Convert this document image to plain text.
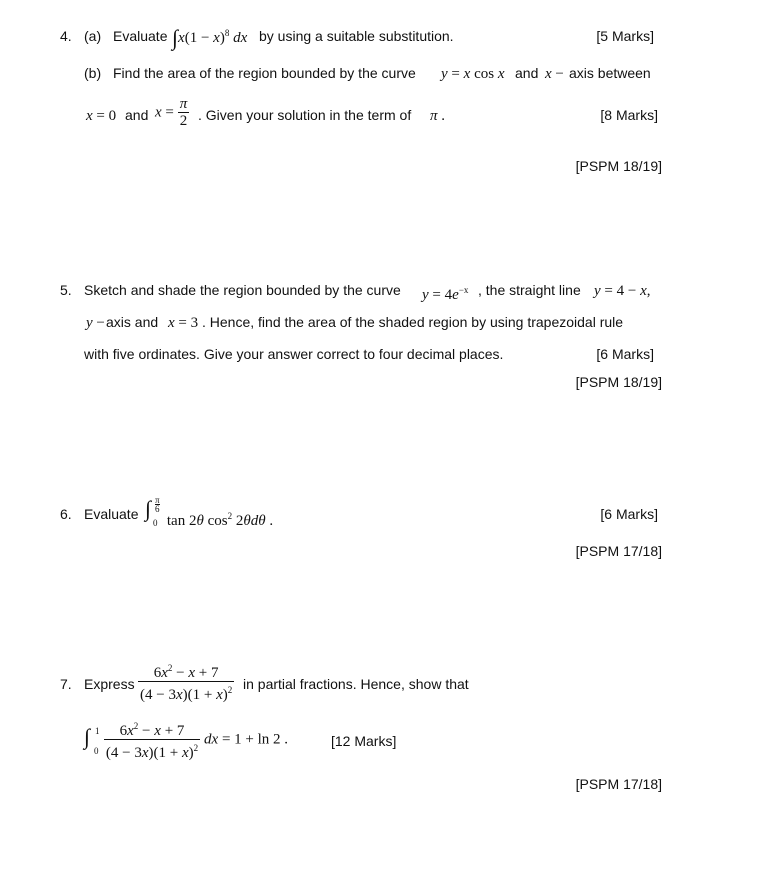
4. (a) Evaluate $\int x(1 - x)^8$ dx by using a suitable substitution.	[5 Marks]
(b) Find the area of the region bounded by the curve y = x cos x and x − axis between
x = 0 and $x = \frac{\pi}{2}$ . Given your solution in the term of π .	[8 Marks]
[PSPM 18/19]
5. Sketch and shade the region bounded by the curve $y = 4e^{-x}$ , the straight line y = 4 − x,
y − axis and x = 3 . Hence, find the area of the shaded region by using trapezoidal rule
with five ordinates. Give your answer correct to four decimal places.	[6 Marks]
[PSPM 18/19]
6. Evaluate ∫ π
6
0 tan 2θ $\cos^2 2\theta d\theta$ .	[6 Marks]
[PSPM 17/18]
7. Express $\frac{6x^2 - x + 7}{(4 - 3x)(1 + x)^2}$ in partial fractions. Hence, show that
∫ 1
0
$\frac{6x^2 - x + 7}{(4 - 3x)(1 + x)^2}$ dx = 1 + ln 2 .	[12 Marks]
[PSPM 17/18]
